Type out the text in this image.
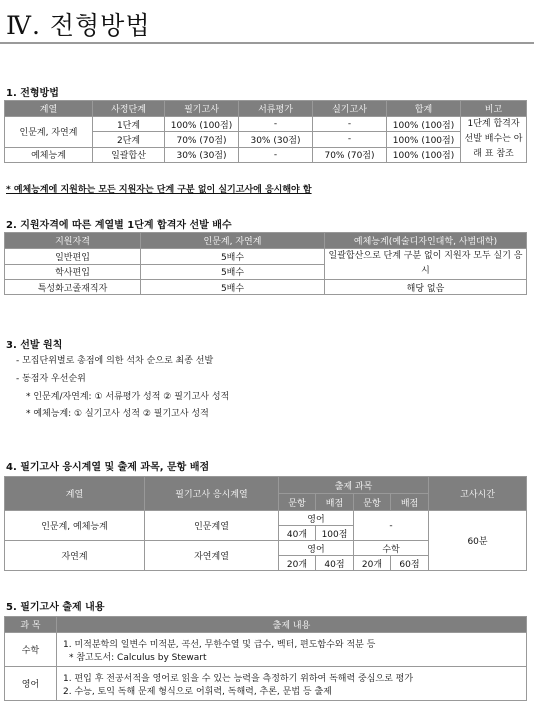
Ⅳ. 전형방법
1. 전형방법
계열	사정단계	필기고사	서류평가	실기고사	합계	비고
인문계, 자연계	1단계	100% (100점)	-	-	100% (100점)	1단계 합격자 선발 배수는 아래 표 참조
	2단계	70% (70점)	30% (30점)	-	100% (100점)	
예체능계	일괄합산	30% (30점)	-	70% (70점)	100% (100점)	
* 예체능계에 지원하는 모든 지원자는 단계 구분 없이 실기고사에 응시해야 함
2. 지원자격에 따른 계열별 1단계 합격자 선발 배수
지원자격	인문계, 자연계	예체능계(예술디자인대학, 사범대학)
일반편입	5배수	일괄합산으로 단계 구분 없이 지원자 모두 실기 응시
학사편입	5배수	
특성화고졸재직자	5배수	해당 없음
3. 선발 원칙
- 모집단위별로 총점에 의한 석차 순으로 최종 선발
- 동점자 우선순위
* 인문계/자연계: ① 서류평가 성적 ② 필기고사 성적
* 예체능계: ① 실기고사 성적 ② 필기고사 성적
4. 필기고사 응시계열 및 출제 과목, 문항 배점
계열	필기고사 응시계열	출제 과목				고사시간
		문항	배점	문항	배점	
인문계, 예체능계	인문계열	영어		-		60분
		40개	100점			
자연계	자연계열	영어		수학		
		20개	40점	20개	60점	
5. 필기고사 출제 내용
과 목	출제 내용
수학	1. 미적분학의 일변수 미적분, 곡선, 무한수열 및 급수, 벡터, 편도함수와 적분 등
* 참고도서: Calculus by Stewart

영어	1. 편입 후 전공서적을 영어로 읽을 수 있는 능력을 측정하기 위하여 독해력 중심으로 평가
2. 수능, 토익 독해 문제 형식으로 어휘력, 독해력, 추론, 문법 등 출제
